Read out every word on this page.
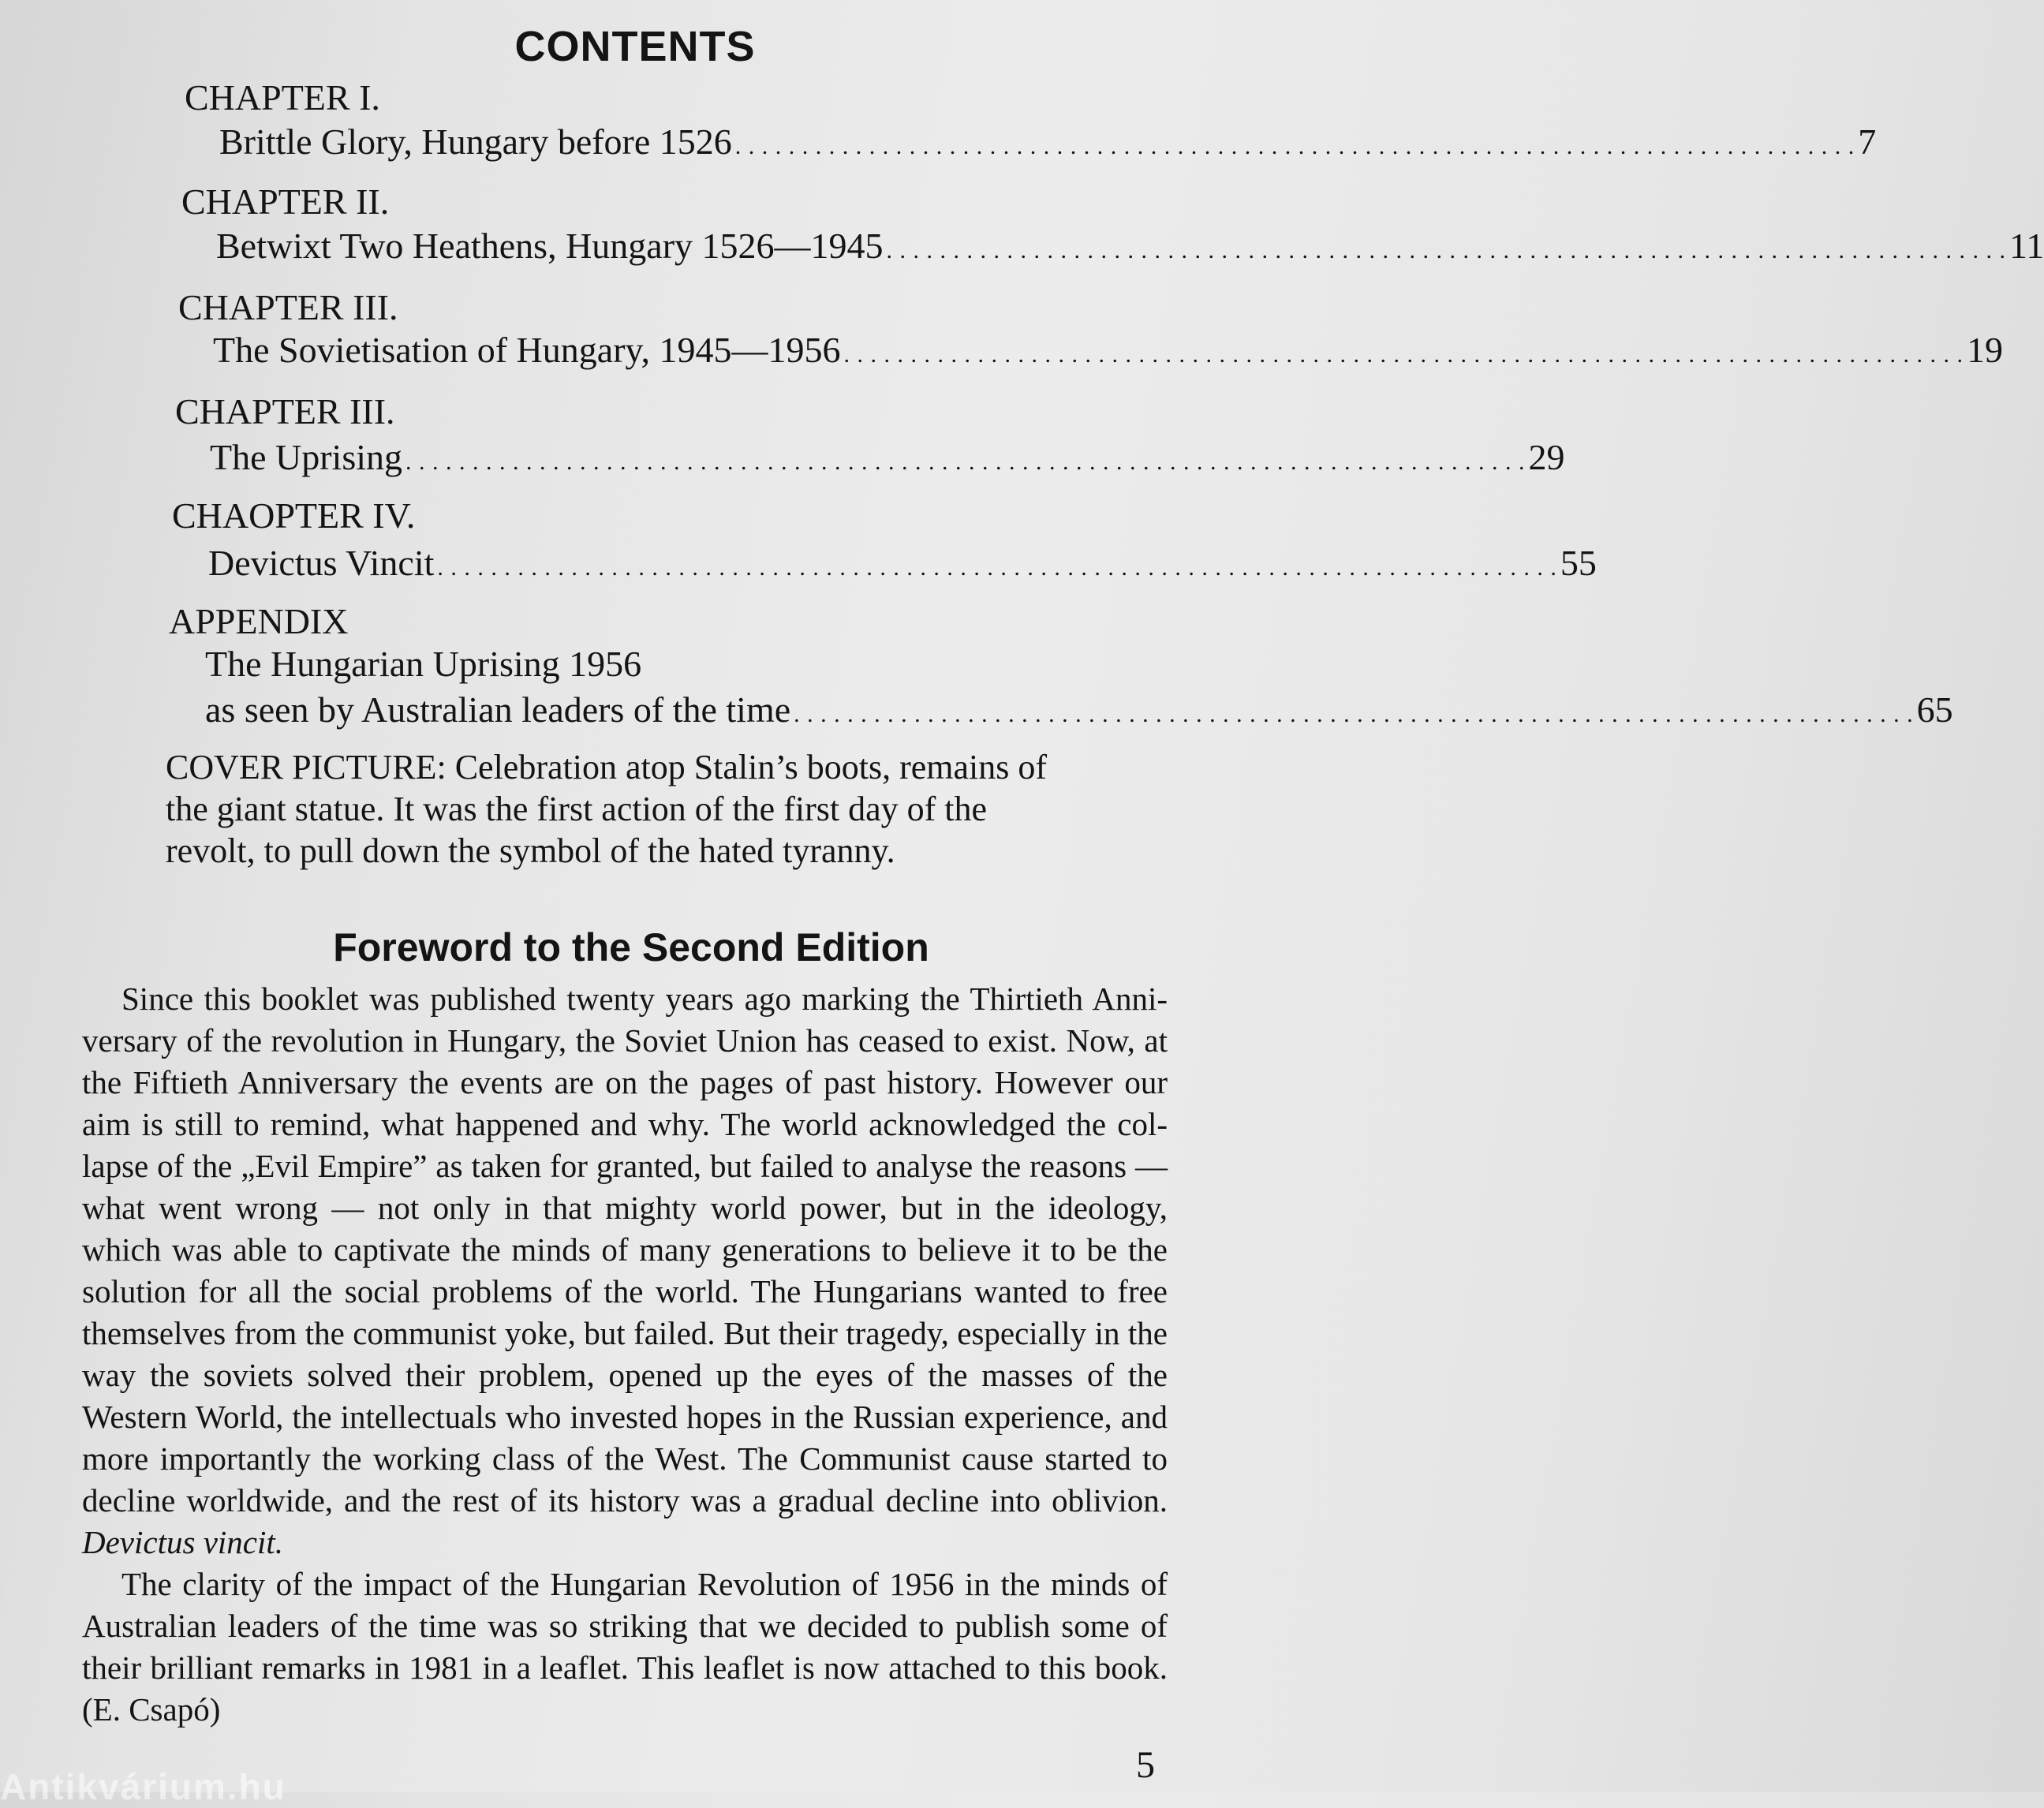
CONTENTS
CHAPTER I.
Brittle Glory, Hungary before 1526 . . . . . . . . . . . . . . . . . . . . . . . . . . . . . . . . . . . . . . . . . . . . . . . . . . . . . . . . . . . . . . . . . . . . . . . . . . . . . . . . . . . . 7
CHAPTER II.
Betwixt Two Heathens, Hungary 1526—1945 . . . . . . . . . . . . . . . . . . . . . . . . . . . . . . . . . . . . . . . . . . . . . . . . . . . . . . . . . . . . . . . . . . . . . . . . . . . . . . . . . . . . 11
CHAPTER III.
The Sovietisation of Hungary, 1945—1956 . . . . . . . . . . . . . . . . . . . . . . . . . . . . . . . . . . . . . . . . . . . . . . . . . . . . . . . . . . . . . . . . . . . . . . . . . . . . . . . . . . . . 19
CHAPTER III.
The Uprising . . . . . . . . . . . . . . . . . . . . . . . . . . . . . . . . . . . . . . . . . . . . . . . . . . . . . . . . . . . . . . . . . . . . . . . . . . . . . . . . . . . . 29
CHAOPTER IV.
Devictus Vincit . . . . . . . . . . . . . . . . . . . . . . . . . . . . . . . . . . . . . . . . . . . . . . . . . . . . . . . . . . . . . . . . . . . . . . . . . . . . . . . . . . . . 55
APPENDIX
The Hungarian Uprising 1956
as seen by Australian leaders of the time . . . . . . . . . . . . . . . . . . . . . . . . . . . . . . . . . . . . . . . . . . . . . . . . . . . . . . . . . . . . . . . . . . . . . . . . . . . . . . . . . . . . 65
COVER PICTURE: Celebration atop Stalin’s boots, remains of the giant statue. It was the first action of the first day of the revolt, to pull down the symbol of the hated tyranny.
Foreword to the Second Edition

Since this booklet was published twenty years ago marking the Thirtieth Anniversary of the revolution in Hungary, the Soviet Union has ceased to exist. Now, at the Fiftieth Anniversary the events are on the pages of past history. However our aim is still to remind, what happened and why. The world acknowledged the collapse of the „Evil Empire” as taken for granted, but failed to analyse the reasons — what went wrong — not only in that mighty world power, but in the ideology, which was able to captivate the minds of many generations to believe it to be the solution for all the social problems of the world. The Hungarians wanted to free themselves from the communist yoke, but failed. But their tragedy, especially in the way the soviets solved their problem, opened up the eyes of the masses of the Western World, the intellectuals who invested hopes in the Russian experience, and more importantly the working class of the West. The Communist cause started to decline worldwide, and the rest of its history was a gradual decline into oblivion. Devictus vincit.

The clarity of the impact of the Hungarian Revolution of 1956 in the minds of Australian leaders of the time was so striking that we decided to publish some of their brilliant remarks in 1981 in a leaflet. This leaflet is now attached to this book. (E. Csapó)

5
Antikvárium.hu
